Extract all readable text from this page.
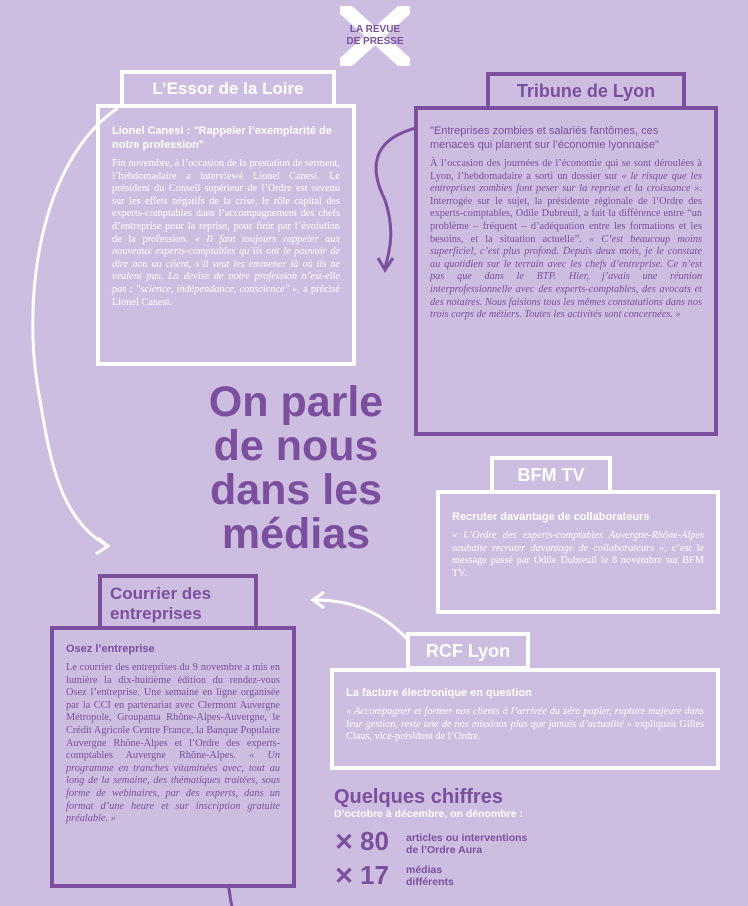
LA REVUE
DE PRESSE
Lionel Canesi : "Rappeler l’exemplarité de notre profession"

Fin novembre, à l’occasion de la prestation de serment, l’hebdomadaire a interviewé Lionel Canesi. Le président du Conseil supérieur de l’Ordre est revenu sur les effets négatifs de la crise, le rôle capital des experts-comptables dans l’accompagnement des chefs d’entreprise pour la reprise, pour finir par l’évolution de la profession. « Il faut toujours rappeler aux nouveaux experts-comptables qu’ils ont le pouvoir de dire non au client, s’il veut les emmener là où ils ne veulent pas. La devise de notre profession n’est-elle pas : "science, indépendance, conscience" », a précisé Lionel Canesi.

L’Essor de la Loire
"Entreprises zombies et salariés fantômes, ces menaces qui planent sur l’économie lyonnaise"

À l’occasion des journées de l’économie qui se sont déroulées à Lyon, l’hebdomadaire a sorti un dossier sur « le risque que les entreprises zombies font peser sur la reprise et la croissance ». Interrogée sur le sujet, la présidente régionale de l’Ordre des experts-comptables, Odile Dubreuil, a fait la différence entre “un problème – fréquent – d’adéquation entre les formations et les besoins, et la situation actuelle”. « C’est beaucoup moins superficiel, c’est plus profond. Depuis deux mois, je le constate au quotidien sur le terrain avec les chefs d’entreprise. Ce n’est pas que dans le BTP. Hier, j’avais une réunion interprofessionnelle avec des experts-comptables, des avocats et des notaires. Nous faisions tous les mêmes constatations dans nos trois corps de métiers. Toutes les activités sont concernées. »

Tribune de Lyon
On parle
de nous
dans les
médias	Recruter davantage de collaborateurs

« L’Ordre des experts-comptables Auvergne-Rhône-Alpes souhaite recruter davantage de collaborateurs », c’est le message passé par Odile Dubreuil le 8 novembre sur BFM TV.

BFM TV
Osez l’entreprise

Le courrier des entreprises du 9 novembre a mis en lumière la dix-huitième édition du rendez-vous Osez l’entreprise. Une semaine en ligne organisée par la CCI en partenariat avec Clermont Auvergne Métropole, Groupama Rhône-Alpes-Auvergne, le Crédit Agricole Centre France, la Banque Populaire Auvergne Rhône-Alpes et l’Ordre des experts-comptables Auvergne Rhône-Alpes. « Un programme en tranches vitaminées avec, tout au long de la semaine, des thématiques traitées, sous forme de webinaires, par des experts, dans un format d’une heure et sur inscription gratuite préalable. »

Courrier des
entreprises
La facture électronique en question

« Accompagner et former nos clients à l’arrivée du zéro papier, rupture majeure dans leur gestion, reste une de nos missions plus que jamais d’actualité » expliquait Gilles Claus, vice-président de l’Ordre.

RCF Lyon
Quelques chiffres
D’octobre à décembre, on dénombre :
✕ 80 articles ou interventions
de l’Ordre Aura
✕ 17 médias
différents
